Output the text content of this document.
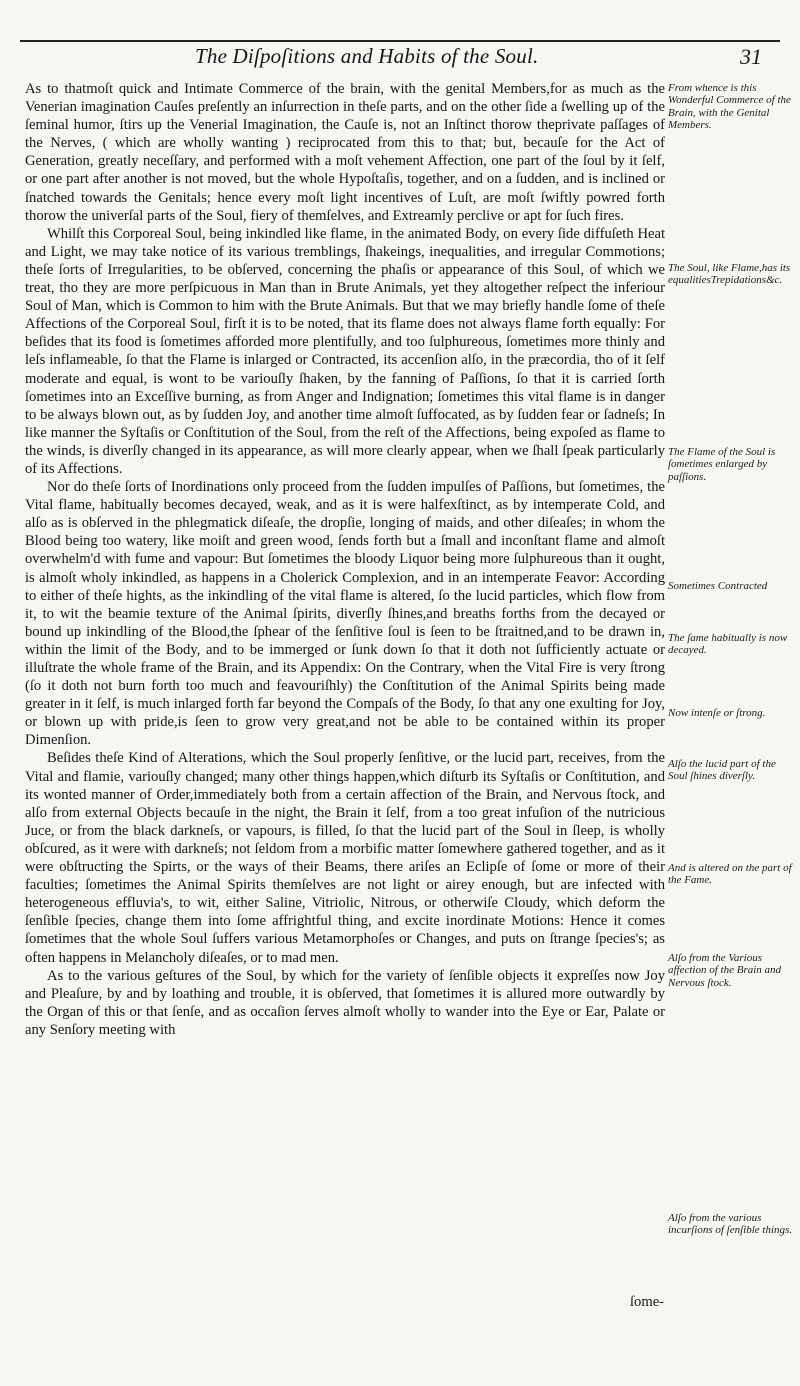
The Diſpoſitions and Habits of the Soul.	31

As to thatmoſt quick and Intimate Commerce of the brain, with the genital Members,for as much as the Venerian imagination Cauſes preſently an inſurrection in theſe parts, and on the other ſide a ſwelling up of the ſeminal humor, ſtirs up the Venerial Imagination, the Cauſe is, not an Inſtinct thorow theprivate paſſages of the Nerves, ( which are wholly wanting ) reciprocated from this to that; but, becauſe for the Act of Generation, greatly neceſſary, and performed with a moſt vehement Affection, one part of the ſoul by it ſelf, or one part after another is not moved, but the whole Hypoſtaſis, together, and on a ſudden, and is inclined or ſnatched towards the Genitals; hence every moſt light incentives of Luſt, are moſt ſwiftly powred forth thorow the univerſal parts of the Soul, fiery of themſelves, and Extreamly perclive or apt for ſuch fires.

Whilſt this Corporeal Soul, being inkindled like flame, in the animated Body, on every ſide diffuſeth Heat and Light, we may take notice of its various tremblings, ſhakeings, inequalities, and irregular Commotions; theſe ſorts of Irregularities, to be obſerved, concerning the phaſis or appearance of this Soul, of which we treat, tho they are more perſpicuous in Man than in Brute Animals, yet they altogether reſpect the inferiour Soul of Man, which is Common to him with the Brute Animals. But that we may briefly handle ſome of theſe Affections of the Corporeal Soul, firſt it is to be noted, that its flame does not always flame forth equally: For beſides that its food is ſometimes afforded more plentifully, and too ſulphureous, ſometimes more thinly and leſs inflameable, ſo that the Flame is inlarged or Contracted, its accenſion alſo, in the præcordia, tho of it ſelf moderate and equal, is wont to be variouſly ſhaken, by the fanning of Paſſions, ſo that it is carried ſorth ſometimes into an Exceſſive burning, as from Anger and Indignation; ſometimes this vital flame is in danger to be always blown out, as by ſudden Joy, and another time almoſt ſuffocated, as by ſudden fear or ſadneſs; In like manner the Syſtaſis or Conſtitution of the Soul, from the reſt of the Affections, being expoſed as flame to the winds, is diverſly changed in its appearance, as will more clearly appear, when we ſhall ſpeak particularly of its Affections.

Nor do theſe ſorts of Inordinations only proceed from the ſudden impulſes of Paſſions, but ſometimes, the Vital flame, habitually becomes decayed, weak, and as it is were halfexſtinct, as by intemperate Cold, and alſo as is obſerved in the phlegmatick diſeaſe, the dropſie, longing of maids, and other diſeaſes; in whom the Blood being too watery, like moiſt and green wood, ſends forth but a ſmall and inconſtant flame and almoſt overwhelm'd with fume and vapour: But ſometimes the bloody Liquor being more ſulphureous than it ought, is almoſt wholy inkindled, as happens in a Cholerick Complexion, and in an intemperate Feavor: According to either of theſe hights, as the inkindling of the vital flame is altered, ſo the lucid particles, which flow from it, to wit the beamie texture of the Animal ſpirits, diverſly ſhines,and breaths forths from the decayed or bound up inkindling of the Blood,the ſphear of the ſenſitive ſoul is ſeen to be ſtraitned,and to be drawn in, within the limit of the Body, and to be immerged or ſunk down ſo that it doth not ſufficiently actuate or illuſtrate the whole frame of the Brain, and its Appendix: On the Contrary, when the Vital Fire is very ſtrong (ſo it doth not burn forth too much and feavouriſhly) the Conſtitution of the Animal Spirits being made greater in it ſelf, is much inlarged forth far beyond the Compaſs of the Body, ſo that any one exulting for Joy, or blown up with pride,is ſeen to grow very great,and not be able to be contained within its proper Dimenſion.

Beſides theſe Kind of Alterations, which the Soul properly ſenſitive, or the lucid part, receives, from the Vital and flamie, variouſly changed; many other things happen,which diſturb its Syſtaſis or Conſtitution, and its wonted manner of Order,immediately both from a certain affection of the Brain, and Nervous ſtock, and alſo from external Objects becauſe in the night, the Brain it ſelf, from a too great infuſion of the nutricious Juce, or from the black darkneſs, or vapours, is filled, ſo that the lucid part of the Soul in ſleep, is wholly obſcured, as it were with darkneſs; not ſeldom from a morbific matter ſomewhere gathered together, and as it were obſtructing the Spirts, or the ways of their Beams, there ariſes an Eclipſe of ſome or more of their faculties; ſometimes the Animal Spirits themſelves are not light or airey enough, but are infected with heterogeneous effluvia's, to wit, either Saline, Vitriolic, Nitrous, or otherwiſe Cloudy, which deform the ſenſible ſpecies, change them into ſome affrightful thing, and excite inordinate Motions: Hence it comes ſometimes that the whole Soul ſuffers various Metamorphoſes or Changes, and puts on ſtrange ſpecies's; as often happens in Melancholy diſeaſes, or to mad men.

As to the various geſtures of the Soul, by which for the variety of ſenſible objects it expreſſes now Joy and Pleaſure, by and by loathing and trouble, it is obſerved, that ſometimes it is allured more outwardly by the Organ of this or that ſenſe, and as occaſion ſerves almoſt wholly to wander into the Eye or Ear, Palate or any Senſory meeting with

ſome-
From whence is this Wonderful Commerce of the Brain, with the Genital Members.
The Soul, like Flame,has its equalitiesTrepidations&c.
The Flame of the Soul is ſometimes enlarged by paſſions.
Sometimes Contracted
The ſame habitually is now decayed.
Now intenſe or ſtrong.
Alſo the lucid part of the Soul ſhines diverſly.
And is altered on the part of the Fame.
Alſo from the Various affection of the Brain and Nervous ſtock.
Alſo from the various incurſions of ſenſible things.
